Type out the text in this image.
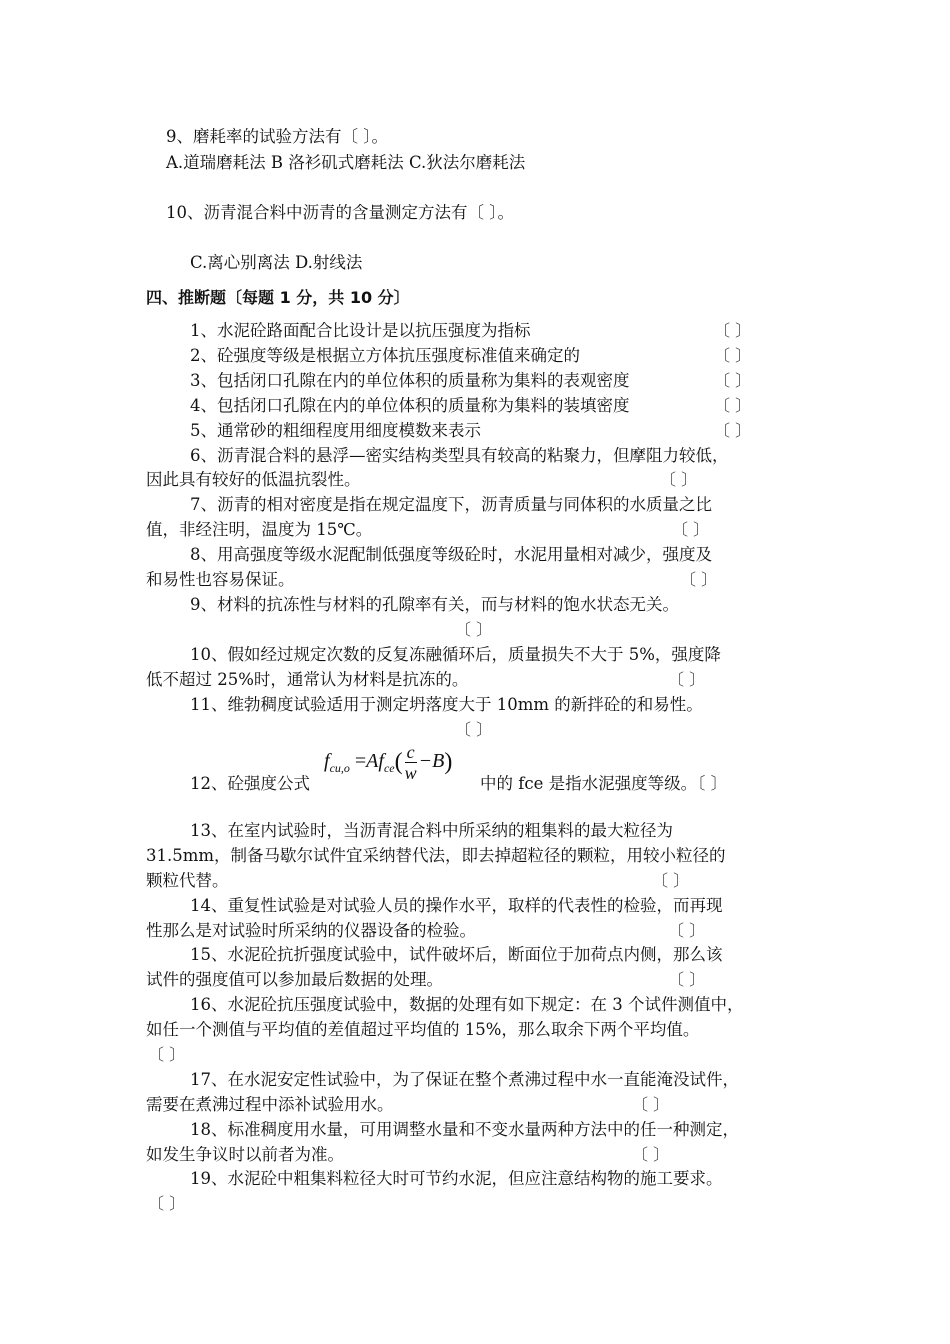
9、磨耗率的试验方法有〔 〕。
A.道瑞磨耗法 B 洛衫矶式磨耗法 C.狄法尔磨耗法
10、沥青混合料中沥青的含量测定方法有〔 〕。
C.离心别离法 D.射线法
四、推断题〔每题 1 分，共 10 分〕
1、水泥砼路面配合比设计是以抗压强度为指标	〔 〕
2、砼强度等级是根据立方体抗压强度标准值来确定的	〔 〕
3、包括闭口孔隙在内的单位体积的质量称为集料的表观密度	〔 〕
4、包括闭口孔隙在内的单位体积的质量称为集料的装填密度	〔 〕
5、通常砂的粗细程度用细度模数来表示	〔 〕
6、沥青混合料的悬浮—密实结构类型具有较高的粘聚力，但摩阻力较低，
因此具有较好的低温抗裂性。	〔 〕
7、沥青的相对密度是指在规定温度下，沥青质量与同体积的水质量之比
值，非经注明，温度为 15℃。	〔 〕
8、用高强度等级水泥配制低强度等级砼时，水泥用量相对减少，强度及
和易性也容易保证。	〔 〕
9、材料的抗冻性与材料的孔隙率有关，而与材料的饱水状态无关。
〔 〕
10、假如经过规定次数的反复冻融循环后，质量损失不大于 5%，强度降
低不超过 25%时，通常认为材料是抗冻的。	〔 〕
11、维勃稠度试验适用于测定坍落度大于 10mm 的新拌砼的和易性。
〔 〕
12、砼强度公式
$f_{cu,o} =Af_{ce}( \frac{c}{w} -B)$
中的 fce 是指水泥强度等级。〔 〕
13、在室内试验时，当沥青混合料中所采纳的粗集料的最大粒径为
31.5mm，制备马歇尔试件宜采纳替代法，即去掉超粒径的颗粒，用较小粒径的
颗粒代替。	〔 〕
14、重复性试验是对试验人员的操作水平，取样的代表性的检验，而再现
性那么是对试验时所采纳的仪器设备的检验。	〔 〕
15、水泥砼抗折强度试验中，试件破坏后，断面位于加荷点内侧，那么该
试件的强度值可以参加最后数据的处理。	〔 〕
16、水泥砼抗压强度试验中，数据的处理有如下规定：在 3 个试件测值中，
如任一个测值与平均值的差值超过平均值的 15%，那么取余下两个平均值。
〔 〕
17、在水泥安定性试验中，为了保证在整个煮沸过程中水一直能淹没试件，
需要在煮沸过程中添补试验用水。	〔 〕
18、标准稠度用水量，可用调整水量和不变水量两种方法中的任一种测定，
如发生争议时以前者为准。	〔 〕
19、水泥砼中粗集料粒径大时可节约水泥，但应注意结构物的施工要求。
〔 〕
